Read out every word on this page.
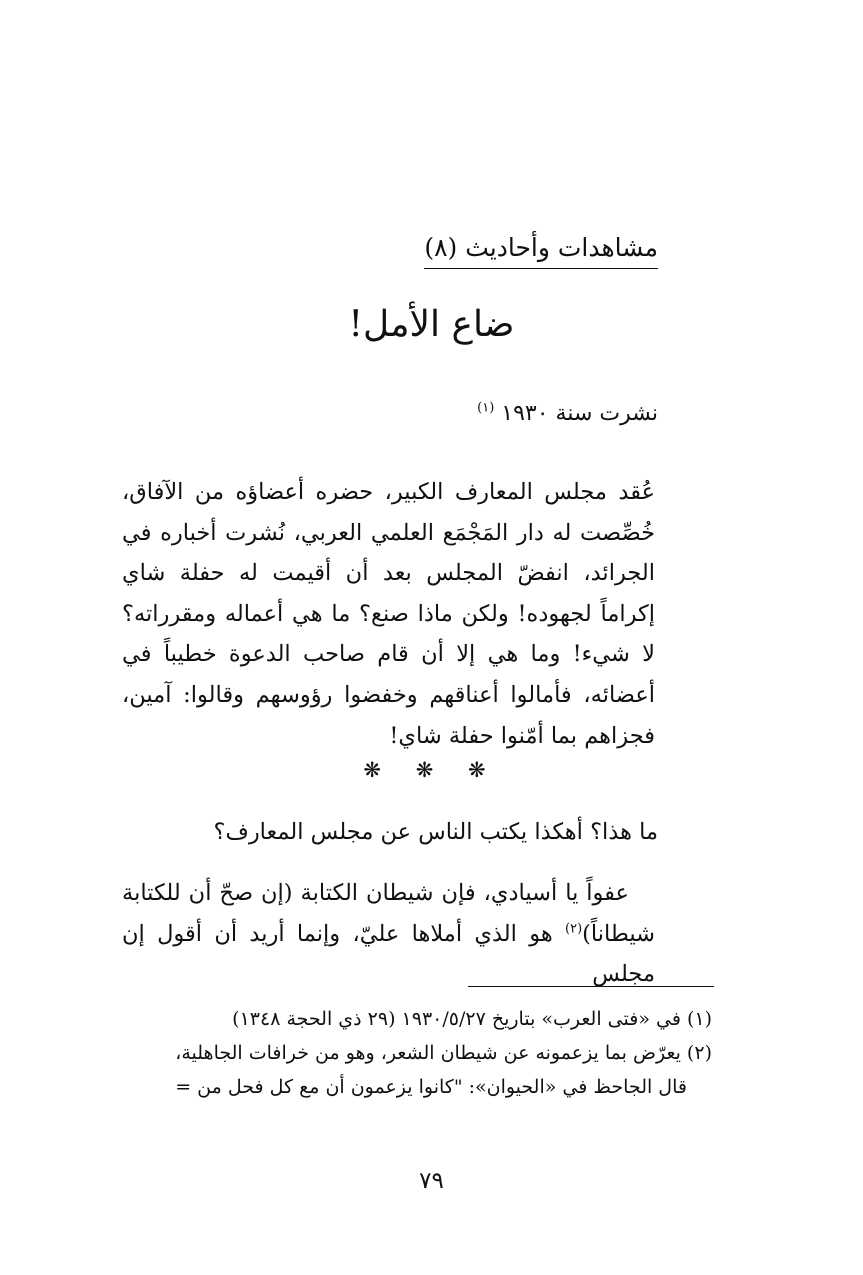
مشاهدات وأحاديث (٨)
ضاع الأمل!
نشرت سنة ١٩٣٠ $^{(١)}$

عُقد مجلس المعارف الكبير، حضره أعضاؤه من الآفاق، خُصِّصت له دار المَجْمَع العلمي العربي، نُشرت أخباره في الجرائد، انفضّ المجلس بعد أن أقيمت له حفلة شاي إكراماً لجهوده! ولكن ماذا صنع؟ ما هي أعماله ومقرراته؟ لا شيء! وما هي إلا أن قام صاحب الدعوة خطيباً في أعضائه، فأمالوا أعناقهم وخفضوا رؤوسهم وقالوا: آمين، فجزاهم بما أمّنوا حفلة شاي!

❋ ❋ ❋
ما هذا؟ أهكذا يكتب الناس عن مجلس المعارف؟

عفواً يا أسيادي، فإن شيطان الكتابة (إن صحّ أن للكتابة شيطاناً)$^{(٢)}$ هو الذي أملاها عليّ، وإنما أريد أن أقول إن مجلس

(١) في «فتى العرب» بتاريخ ١٩٣٠/٥/٢٧ (٢٩ ذي الحجة ١٣٤٨)
(٢) يعرّض بما يزعمونه عن شيطان الشعر، وهو من خرافات الجاهلية،
قال الجاحظ في «الحيوان»: "كانوا يزعمون أن مع كل فحل من =
٧٩
